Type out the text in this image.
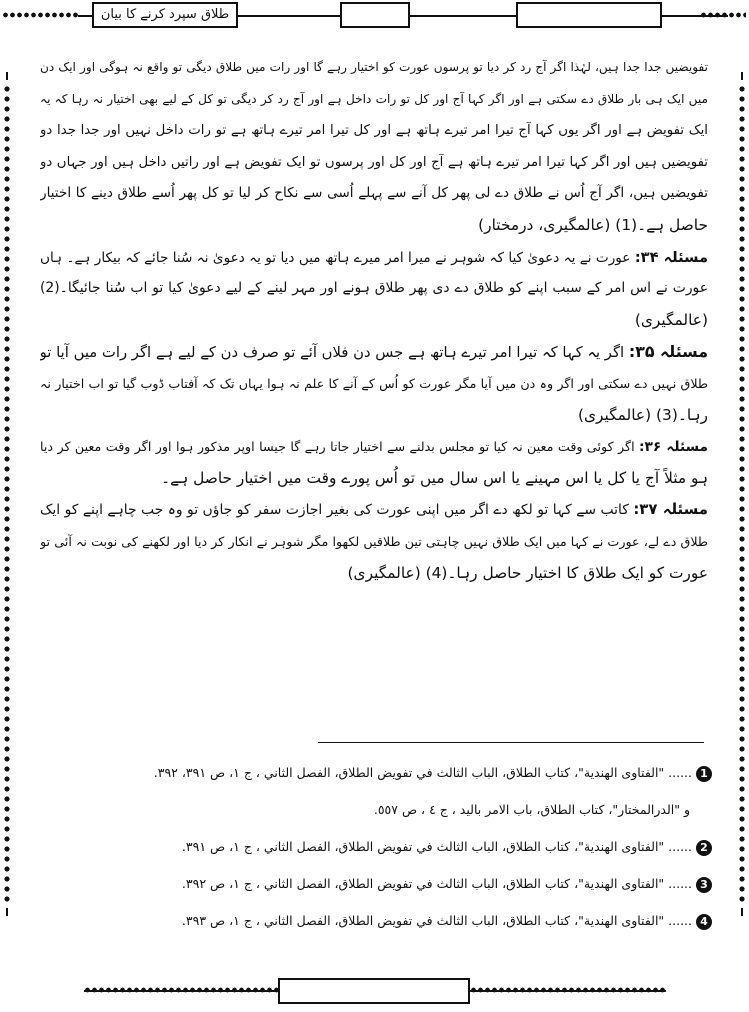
طلاق سپرد کرنے کا بیان
تفویضیں جدا جدا ہیں، لہٰذا اگر آج رد کر دیا تو پرسوں عورت کو اختیار رہے گا اور رات میں طلاق دیگی تو واقع نہ ہوگی اور ایک دن
میں ایک ہی بار طلاق دے سکتی ہے اور اگر کہا آج اور کل تو رات داخل ہے اور آج رد کر دیگی تو کل کے لیے بھی اختیار نہ رہا کہ یہ
ایک تفویض ہے اور اگر یوں کہا آج تیرا امر تیرے ہاتھ ہے اور کل تیرا امر تیرے ہاتھ ہے تو رات داخل نہیں اور جدا جدا دو
تفویضیں ہیں اور اگر کہا تیرا امر تیرے ہاتھ ہے آج اور کل اور پرسوں تو ایک تفویض ہے اور راتیں داخل ہیں اور جہاں دو
تفویضیں ہیں، اگر آج اُس نے طلاق دے لی پھر کل آنے سے پہلے اُسی سے نکاح کر لیا تو کل پھر اُسے طلاق دینے کا اختیار
حاصل ہے۔(1) (عالمگیری، درمختار)
مسئلہ ۳۴: عورت نے یہ دعویٰ کیا کہ شوہر نے میرا امر میرے ہاتھ میں دیا تو یہ دعویٰ نہ سُنا جائے کہ بیکار ہے۔ ہاں
عورت نے اس امر کے سبب اپنے کو طلاق دے دی پھر طلاق ہونے اور مہر لینے کے لیے دعویٰ کیا تو اب سُنا جائیگا۔(2)
(عالمگیری)
مسئلہ ۳۵: اگر یہ کہا کہ تیرا امر تیرے ہاتھ ہے جس دن فلاں آئے تو صرف دن کے لیے ہے اگر رات میں آیا تو
طلاق نہیں دے سکتی اور اگر وہ دن میں آیا مگر عورت کو اُس کے آنے کا علم نہ ہوا یہاں تک کہ آفتاب ڈوب گیا تو اب اختیار نہ
رہا۔(3) (عالمگیری)
مسئلہ ۳۶: اگر کوئی وقت معین نہ کیا تو مجلس بدلنے سے اختیار جاتا رہے گا جیسا اوپر مذکور ہوا اور اگر وقت معین کر دیا
ہو مثلاً آج یا کل یا اس مہینے یا اس سال میں تو اُس پورے وقت میں اختیار حاصل ہے۔
مسئلہ ۳۷: کاتب سے کہا تو لکھ دے اگر میں اپنی عورت کی بغیر اجازت سفر کو جاؤں تو وہ جب چاہے اپنے کو ایک
طلاق دے لے، عورت نے کہا میں ایک طلاق نہیں چاہتی تین طلاقیں لکھوا مگر شوہر نے انکار کر دیا اور لکھنے کی نوبت نہ آئی تو
عورت کو ایک طلاق کا اختیار حاصل رہا۔(4) (عالمگیری)
1...... "الفتاوی الهندية"، كتاب الطلاق، الباب الثالث في تفويض الطلاق، الفصل الثاني ، ج ١، ص ٣٩١، ٣٩٢.
و "الدرالمختار"، كتاب الطلاق، باب الامر باليد ، ج ٤ ، ص ٥٥٧.
2...... "الفتاوی الهندية"، كتاب الطلاق، الباب الثالث في تفويض الطلاق، الفصل الثاني ، ج ١، ص ٣٩١.
3...... "الفتاوی الهندية"، كتاب الطلاق، الباب الثالث في تفويض الطلاق، الفصل الثاني ، ج ١، ص ٣٩٢.
4...... "الفتاوی الهندية"، كتاب الطلاق، الباب الثالث في تفويض الطلاق، الفصل الثاني ، ج ١، ص ٣٩٣.
